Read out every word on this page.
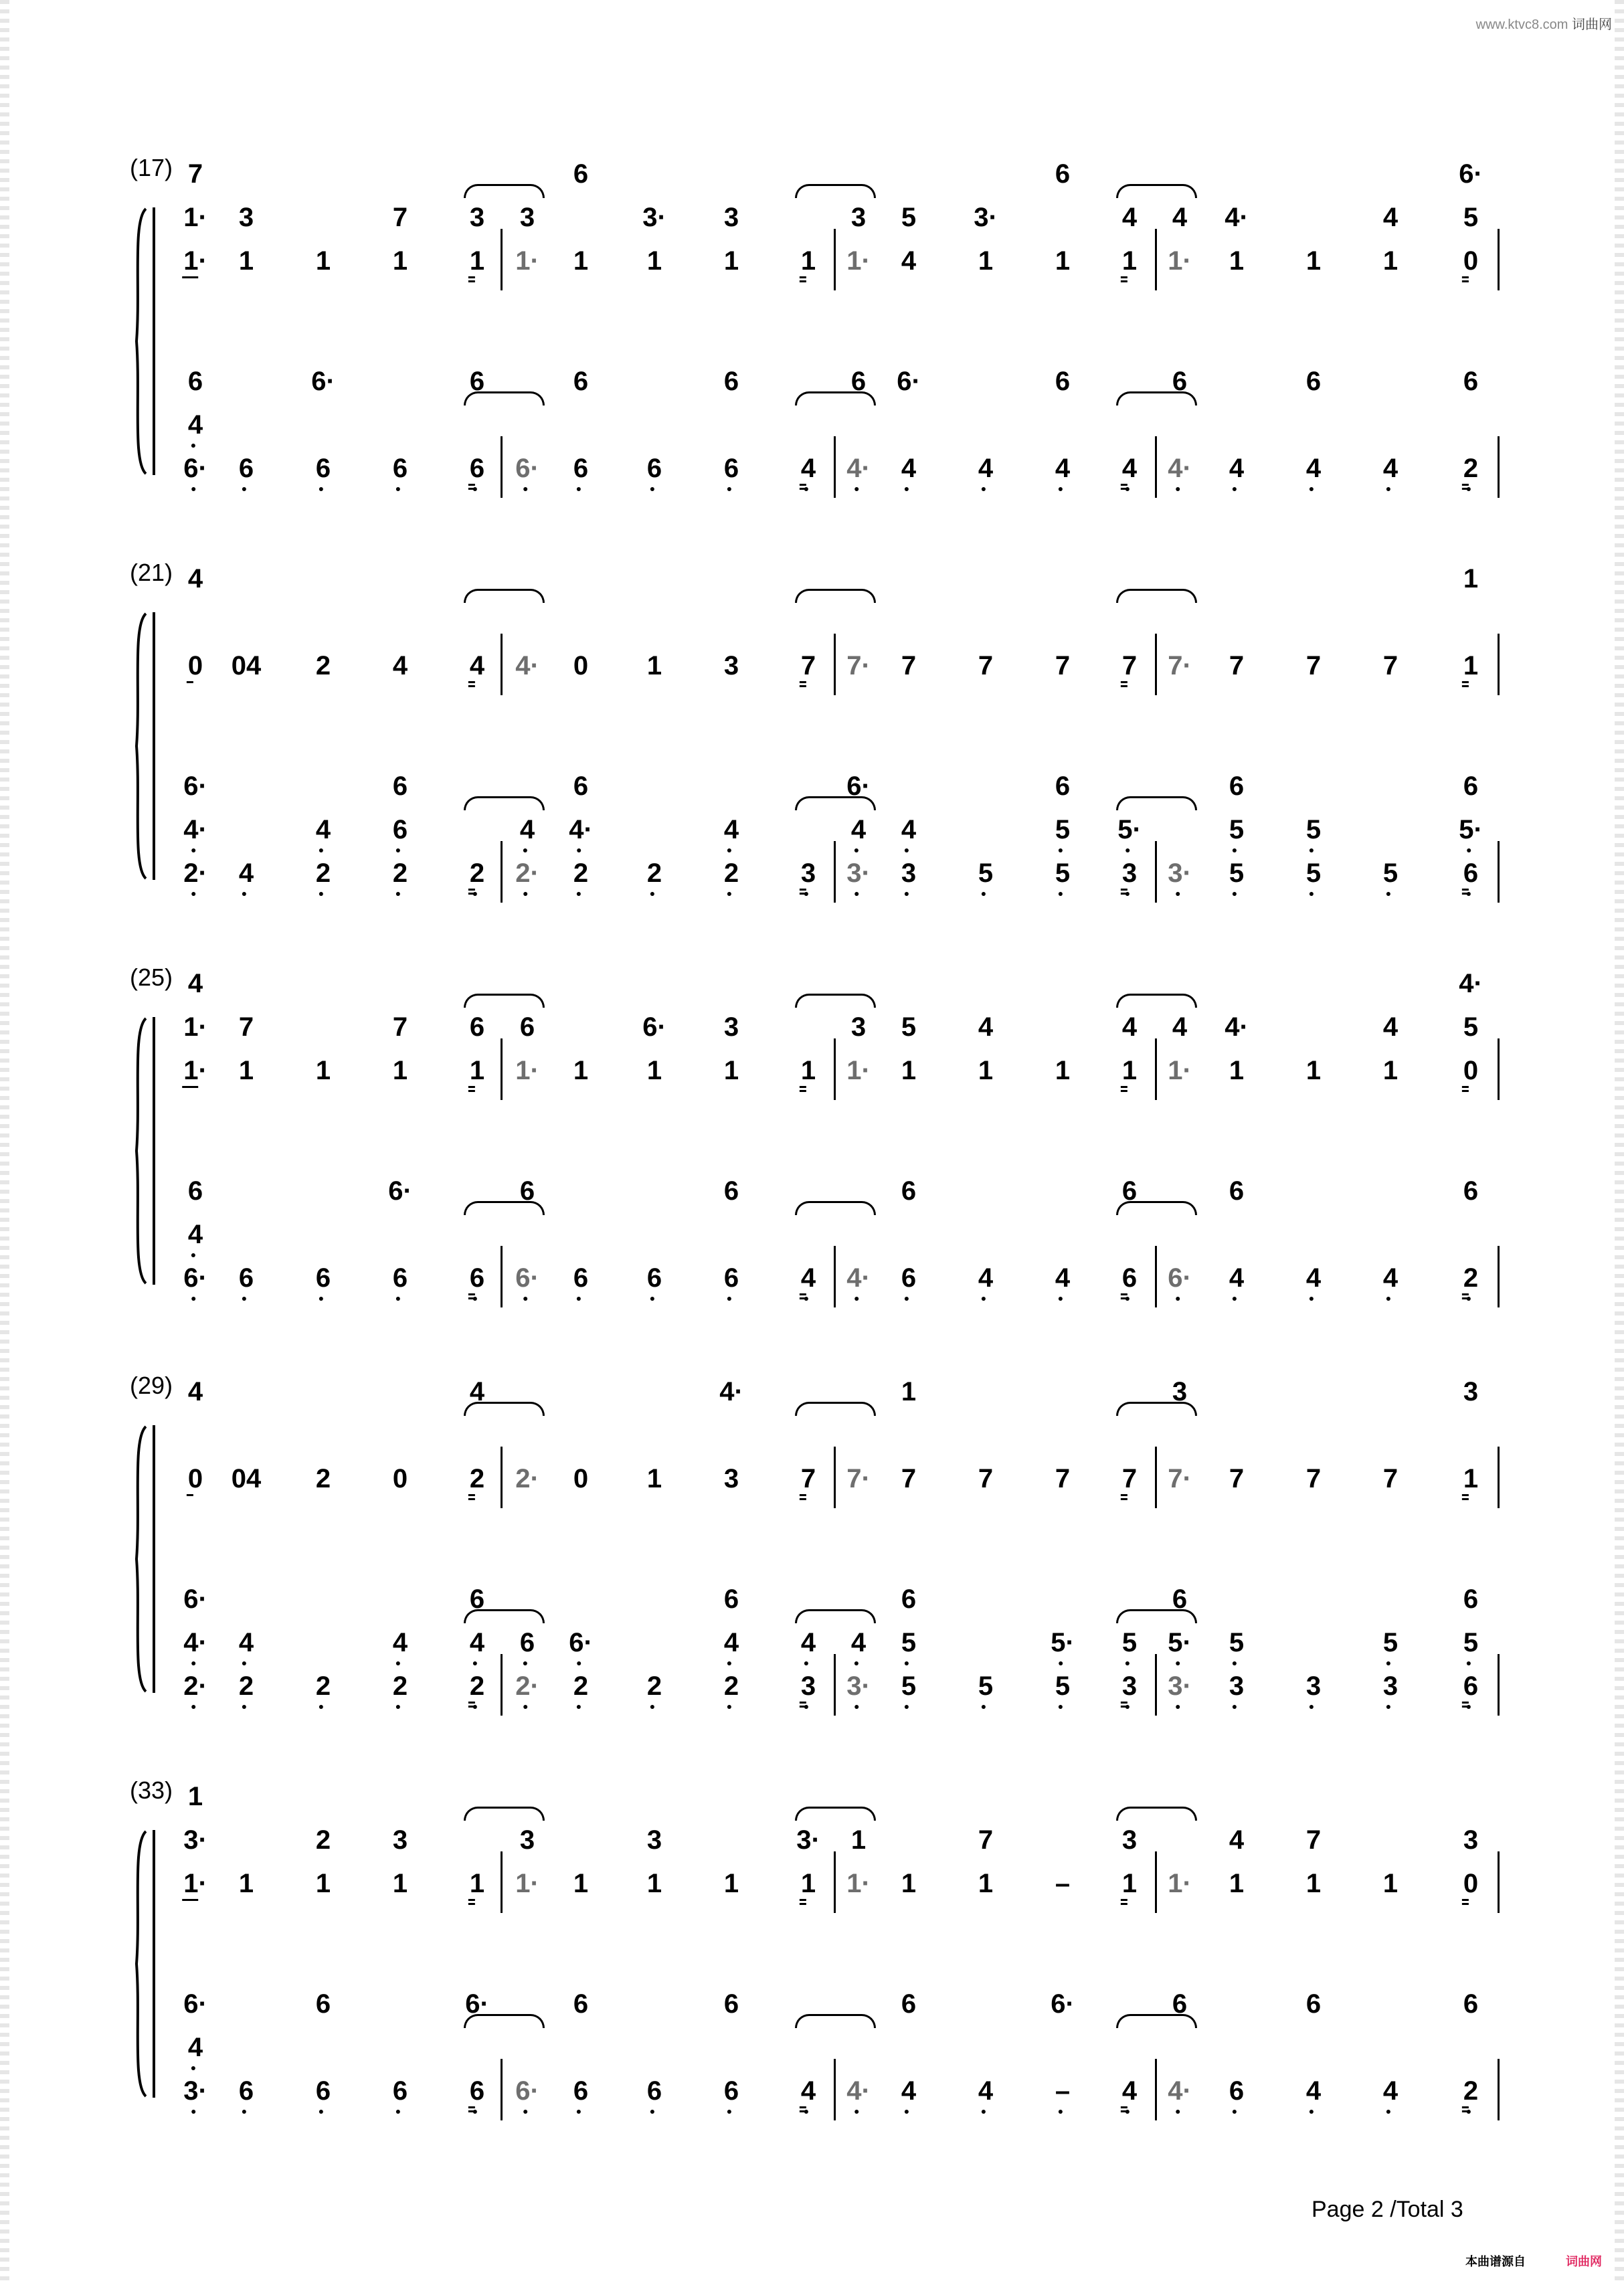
www.ktvc8.com 词曲网
(17) 7	6	6	6·
1· 3	7 3 3	3· 3	3 5 3·	4 4 4·	4 5
1· 1 1 1 1 1· 1 1 1 1 1· 4 1 1 1 1· 1 1 1 0
6	6·	6	6	6	6 6·	6	6	6	6
4
6· 6 6 6 6 6· 6 6 6 4 4· 4 4 4 4 4· 4 4 4 2
(21) 4	1
0 04 2 4 4 4· 0 1 3 7 7· 7 7 7 7 7· 7 7 7 1
6·	6	6	6·	6	6	6
4·	4 6	4 4·	4	4 4	5 5·	5 5	5·
2· 4 2 2 2 2· 2 2 2 3 3· 3 5 5 3 3· 5 5 5 6
(25) 4	4·
1· 7	7 6 6	6· 3	3 5 4	4 4 4·	4 5
1· 1 1 1 1 1· 1 1 1 1 1· 1 1 1 1 1· 1 1 1 0
6	6·	6	6	6	6	6	6
4
6· 6 6 6 6 6· 6 6 6 4 4· 6 4 4 6 6· 4 4 4 2
(29) 4	4	4·	1	3	3
0 04 2 0 2 2· 0 1 3 7 7· 7 7 7 7 7· 7 7 7 1
6·	6	6	6	6	6
4· 4	4 4 6 6·	4 4 4 5	5· 5 5· 5	5 5
2· 2 2 2 2 2· 2 2 2 3 3· 5 5 5 3 3· 3 3 3 6
(33) 1
3·	2 3	3	3	3· 1	7	3	4 7	3
1· 1 1 1 1 1· 1 1 1 1 1· 1 1 – 1 1· 1 1 1 0
6·	6	6·	6	6	6	6·	6	6	6
4
3· 6 6 6 6 6· 6 6 6 4 4· 4 4 – 4 4· 6 4 4 2
Page 2 /Total 3
本曲谱源自	词曲网
